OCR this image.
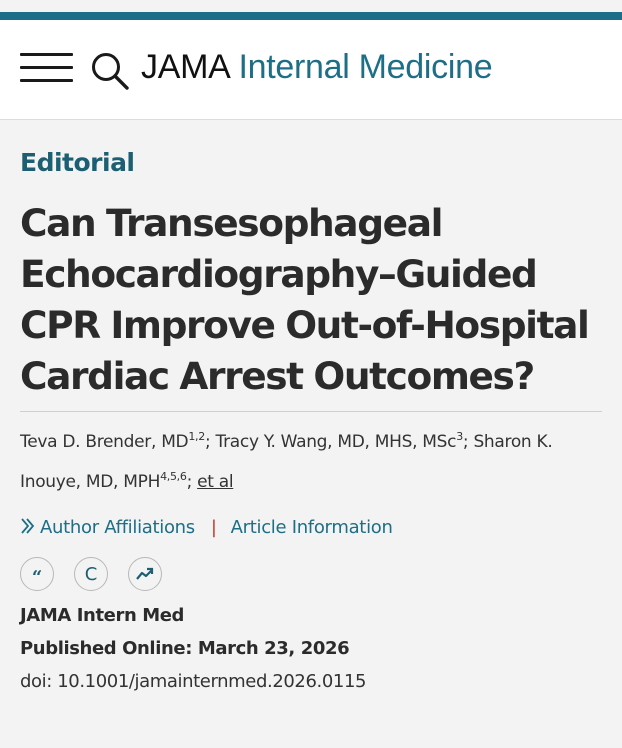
JAMA Internal Medicine
Editorial
Can Transesophageal Echocardiography–Guided CPR Improve Out-of-Hospital Cardiac Arrest Outcomes?
Teva D. Brender, MD$^{1,2}$; Tracy Y. Wang, MD, MHS, MSc$^3$; Sharon K. Inouye, MD, MPH$^{4,5,6}$; et al
Author Affiliations | Article Information
“ C
JAMA Intern Med
Published Online: March 23, 2026
doi: 10.1001/jamainternmed.2026.0115
